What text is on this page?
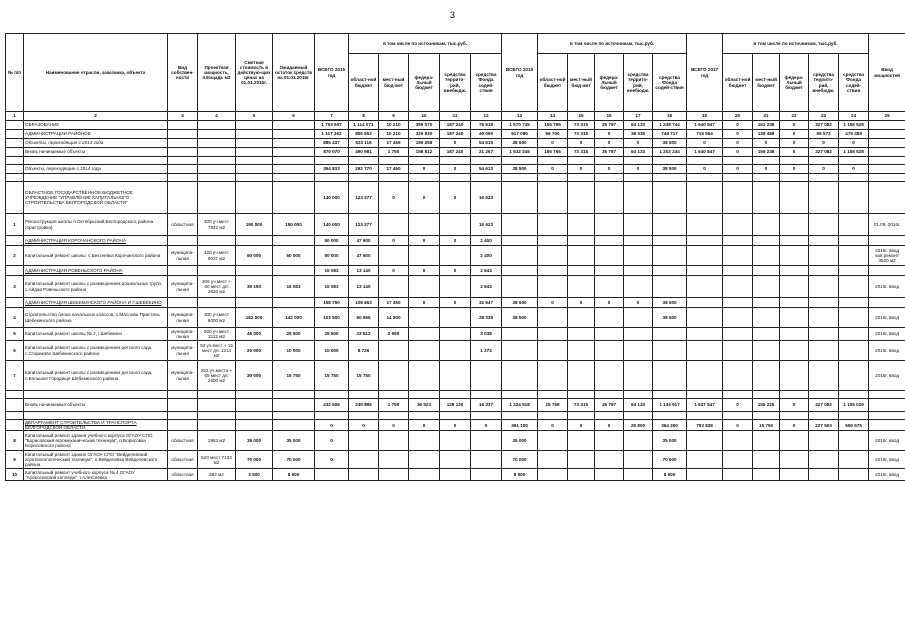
3
№ п/п	Наименование отрасли, заказчика, объекта	Вид собствен-ности	Проектная мощность, площадь м2	Сметная стоимость в действую-щих ценах на 01.01.2015г.	Ожидаемый остаток средств на 01.01.2015г.	ВСЕГО 2015 год	в том числе по источникам, тыс.руб.					ВСЕГО 2016 год	в том числе по источникам, тыс.руб.					ВСЕГО 2017 год	в том числе по источникам, тыс.руб.					Ввод мощностей
							област-ной бюджет	мест-ный бюд-жет	федера-льный бюджет	средства террито-рий, внебюдж.	средства Фонда содей-ствия		област-ной бюджет	мест-ный бюд-жет	федера-льный бюджет	средства террито-рий, внебюдж.	средства Фонда содей-ствия		област-ной бюджет	мест-ный бюджет	федера-льный бюджет	средства террито-рий, внебюдж.	средства Фонда содей-ствия	
1	2	3	4	5	6	7	8	9	10	11	12	13	14	15	16	17	18	19	20	21	22	23	24	25
	ОБРАЗОВАНИЕ					1 753 507	1 114 071	10 210	359 070	187 240	75 618	1 570 745	155 765	73 315	35 787	64 133	1 248 744	1 640 847	0	153 238	0	327 082	1 158 528	
	АДМИНИСТРАЦИИ РАЙОНОВ					1 117 362	856 652	10 210	326 930	187 240	40 090	917 085	56 700	73 315	0	38 335	748 717	715 554	0	139 488	0	95 573	475 459	
	Объекты, переходящие с 2014 года					885 437	623 116	17 459	190 258	0	54 619	38 500	0	0	0	0	38 500	0	0	0	0	0	0	
	Вновь начинаемые объекты					870 070	490 981	1 750	158 812	187 240	21 267	1 532 245	155 765	73 315	35 787	64 133	1 202 244	1 640 847	0	155 238	0	327 082	1 158 528	

	Объекты, переходящие с 2014 года					354 833	292 770	17 460	0	0	54 613	38 500	0	0	0	0	38 500	0	0	0	0	0	0	

	ОБЛАСТНОЕ ГОСУДАРСТВЕННОЕ БЮДЖЕТНОЕ УЧРЕЖДЕНИЕ "УПРАВЛЕНИЕ КАПИТАЛЬНОГО СТРОИТЕЛЬСТВА БЕЛГОРОДСКОЙ ОБЛАСТИ"					140 000	123 377	0	0	0	16 623													
1	Реконструкция школы п.Октябрьский Белгородского района (пристройка)	областная	400 уч.мест 7842 м2	190 000	150 000	140 000	123 377				16 623													01.09. 2016г.
	АДМИНИСТРАЦИЯ КОРОЧАНСКОГО РАЙОНА					50 000	47 600	0	0	0	2 400													
2	Капитальный ремонт школы, с.Бехтеевка Корочанского района	муниципа-льная	420 уч.мест 9037 м2	50 000	50 000	50 000	47 600				2 400													2015г. ввод кап.ремонт 3500 м2
	АДМИНИСТРАЦИЯ РОВЕНЬСКОГО РАЙОНА					16 083	13 140	0	0	0	2 943													
3	Капитальный ремонт школы с размещением дошкольных групп, с.Айдар Ровеньского района	муниципа-льная	306 уч.мест + 60 мест д/с 2810 м2	39 150	16 083	16 083	13 140				2 943													2015г. ввод
	АДМИНИСТРАЦИЯ ШЕБЕКИНСКОГО РАЙОНА И Г.ШЕБЕКИНО					158 750	108 653	17 450	0	0	32 647	38 500	0	0	0	0	38 500							
4	Строительство блока начальных классов, с.Маслова Пристань Шебекинского района	муниципа-льная	300 уч.мест 6000 м2	162 000	142 000	103 500	60 665	14 500			28 335	38 500					38 500							2015г. ввод
5	Капитальный ремонт школы № 2, г.Шебекино	муниципа-льная	500 уч.мест 3112 м2	45 000	29 500	29 500	23 512	2 950			3 038													2015г. ввод
6	Капитальный ремонт школы с размещением детского сада, с.Стариково Шебекинского района	муниципа-льная	93 уч.мест + 15 мест д/с 1214 м2	20 000	10 000	10 000	8 726				1 274													2015г. ввод
7	Капитальный ремонт школы с размещением детского сада, с.Большое Городище Шебекинского района	муниципа-льная	253 уч.места + 65 мест д/с 2600 м2	30 000	15 750	15 750	15 750																	2015г. ввод

	Вновь начинаемые объекты					432 606	249 886	1 750	36 523	128 130	16 337	1 324 518	15 768	73 315	35 787	64 133	1 134 917	1 637 547	0	155 226	0	327 082	1 105 029	

	ДЕПАРТАМЕНТ СТРОИТЕЛЬСТВА И ТРАНСПОРТА БЕЛГОРОДСКОЙ ОБЛАСТИ					0	0	0	0	0	0	391 100	0	0	0	25 800	364 300	793 828	0	15 750	0	227 503	550 575	
8	Капитальный ремонт здания учебного корпуса ОГАОУ СПО "Борисовский агромеханический техникум", п.Борисовка Борисовского района	областная	2963 м2	35 000	35 000	0						35 000					35 000							2016г. ввод
9	Капитальный ремонт здания ОГАОУ СПО "Вейделевский агротехнологический техникум", п.Вейделевка Вейделевского района	областная	520 мест 7133 м2	70 000	70 000	0						70 000					70 000							2016г. ввод
10	Капитальный ремонт учебного корпуса № 4 ОГАОУ "Алексеевский колледж", г.Алексеевка	областная	382 м2	3 500	8 500							8 500					8 500							2016г. ввод
